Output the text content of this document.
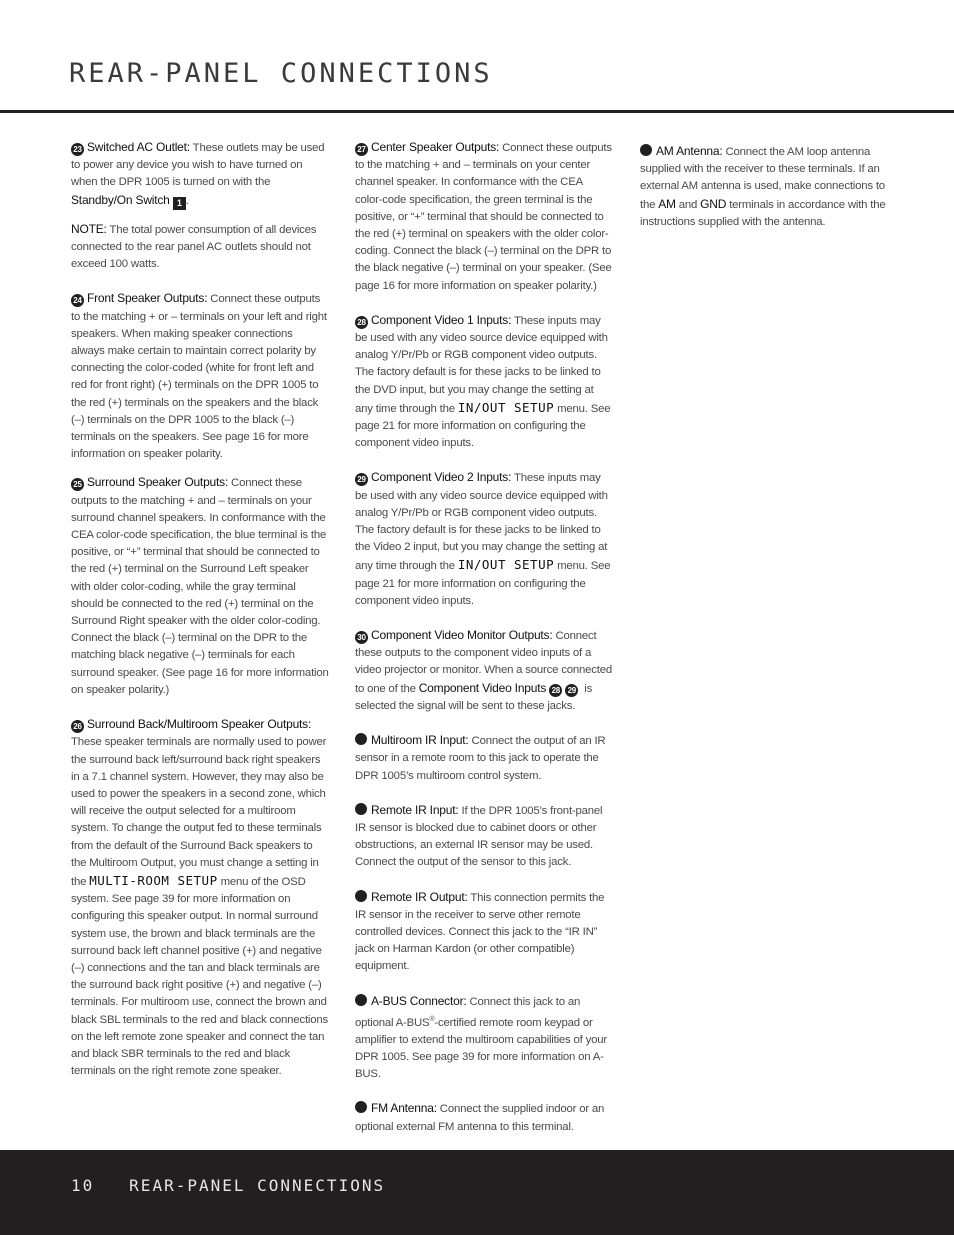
REAR-PANEL CONNECTIONS

23 Switched AC Outlet: These outlets may be used to power any device you wish to have turned on when the DPR 1005 is turned on with the Standby/On Switch 1 .

NOTE: The total power consumption of all devices connected to the rear panel AC outlets should not exceed 100 watts.

24 Front Speaker Outputs: Connect these outputs to the matching + or – terminals on your left and right speakers. When making speaker connections always make certain to maintain correct polarity by connecting the color-coded (white for front left and red for front right) (+) terminals on the DPR 1005 to the red (+) terminals on the speakers and the black (–) terminals on the DPR 1005 to the black (–) terminals on the speakers. See page 16 for more information on speaker polarity.

25 Surround Speaker Outputs: Connect these outputs to the matching + and – terminals on your surround channel speakers. In conformance with the CEA color-code specification, the blue terminal is the positive, or “+” terminal that should be connected to the red (+) terminal on the Surround Left speaker with older color-coding, while the gray terminal should be connected to the red (+) terminal on the Surround Right speaker with the older color-coding. Connect the black (–) terminal on the DPR to the matching black negative (–) terminals for each surround speaker. (See page 16 for more information on speaker polarity.)

26 Surround Back/Multiroom Speaker Outputs: These speaker terminals are normally used to power the surround back left/surround back right speakers in a 7.1 channel system. However, they may also be used to power the speakers in a second zone, which will receive the output selected for a multiroom system. To change the output fed to these terminals from the default of the Surround Back speakers to the Multiroom Output, you must change a setting in the MULTI-ROOM SETUP menu of the OSD system. See page 39 for more information on configuring this speaker output. In normal surround system use, the brown and black terminals are the surround back left channel positive (+) and negative (–) connections and the tan and black terminals are the surround back right positive (+) and negative (–) terminals. For multiroom use, connect the brown and black SBL terminals to the red and black connections on the left remote zone speaker and connect the tan and black SBR terminals to the red and black terminals on the right remote zone speaker.

27 Center Speaker Outputs: Connect these outputs to the matching + and – terminals on your center channel speaker. In conformance with the CEA color-code specification, the green terminal is the positive, or “+” terminal that should be connected to the red (+) terminal on speakers with the older color-coding. Connect the black (–) terminal on the DPR to the black negative (–) terminal on your speaker. (See page 16 for more information on speaker polarity.)

28 Component Video 1 Inputs: These inputs may be used with any video source device equipped with analog Y/Pr/Pb or RGB component video outputs. The factory default is for these jacks to be linked to the DVD input, but you may change the setting at any time through the IN/OUT SETUP menu. See page 21 for more information on configuring the component video inputs.

29 Component Video 2 Inputs: These inputs may be used with any video source device equipped with analog Y/Pr/Pb or RGB component video outputs. The factory default is for these jacks to be linked to the Video 2 input, but you may change the setting at any time through the IN/OUT SETUP menu. See page 21 for more information on configuring the component video inputs.

30 Component Video Monitor Outputs: Connect these outputs to the component video inputs of a video projector or monitor. When a source connected to one of the Component Video Inputs 28 29 is selected the signal will be sent to these jacks.

Multiroom IR Input: Connect the output of an IR sensor in a remote room to this jack to operate the DPR 1005’s multiroom control system.

Remote IR Input: If the DPR 1005’s front-panel IR sensor is blocked due to cabinet doors or other obstructions, an external IR sensor may be used. Connect the output of the sensor to this jack.

Remote IR Output: This connection permits the IR sensor in the receiver to serve other remote controlled devices. Connect this jack to the “IR IN” jack on Harman Kardon (or other compatible) equipment.

A-BUS Connector: Connect this jack to an optional A-BUS®-certified remote room keypad or amplifier to extend the multiroom capabilities of your DPR 1005. See page 39 for more information on A-BUS.

FM Antenna: Connect the supplied indoor or an optional external FM antenna to this terminal.

AM Antenna: Connect the AM loop antenna supplied with the receiver to these terminals. If an external AM antenna is used, make connections to the AM and GND terminals in accordance with the instructions supplied with the antenna.

10 REAR-PANEL CONNECTIONS
